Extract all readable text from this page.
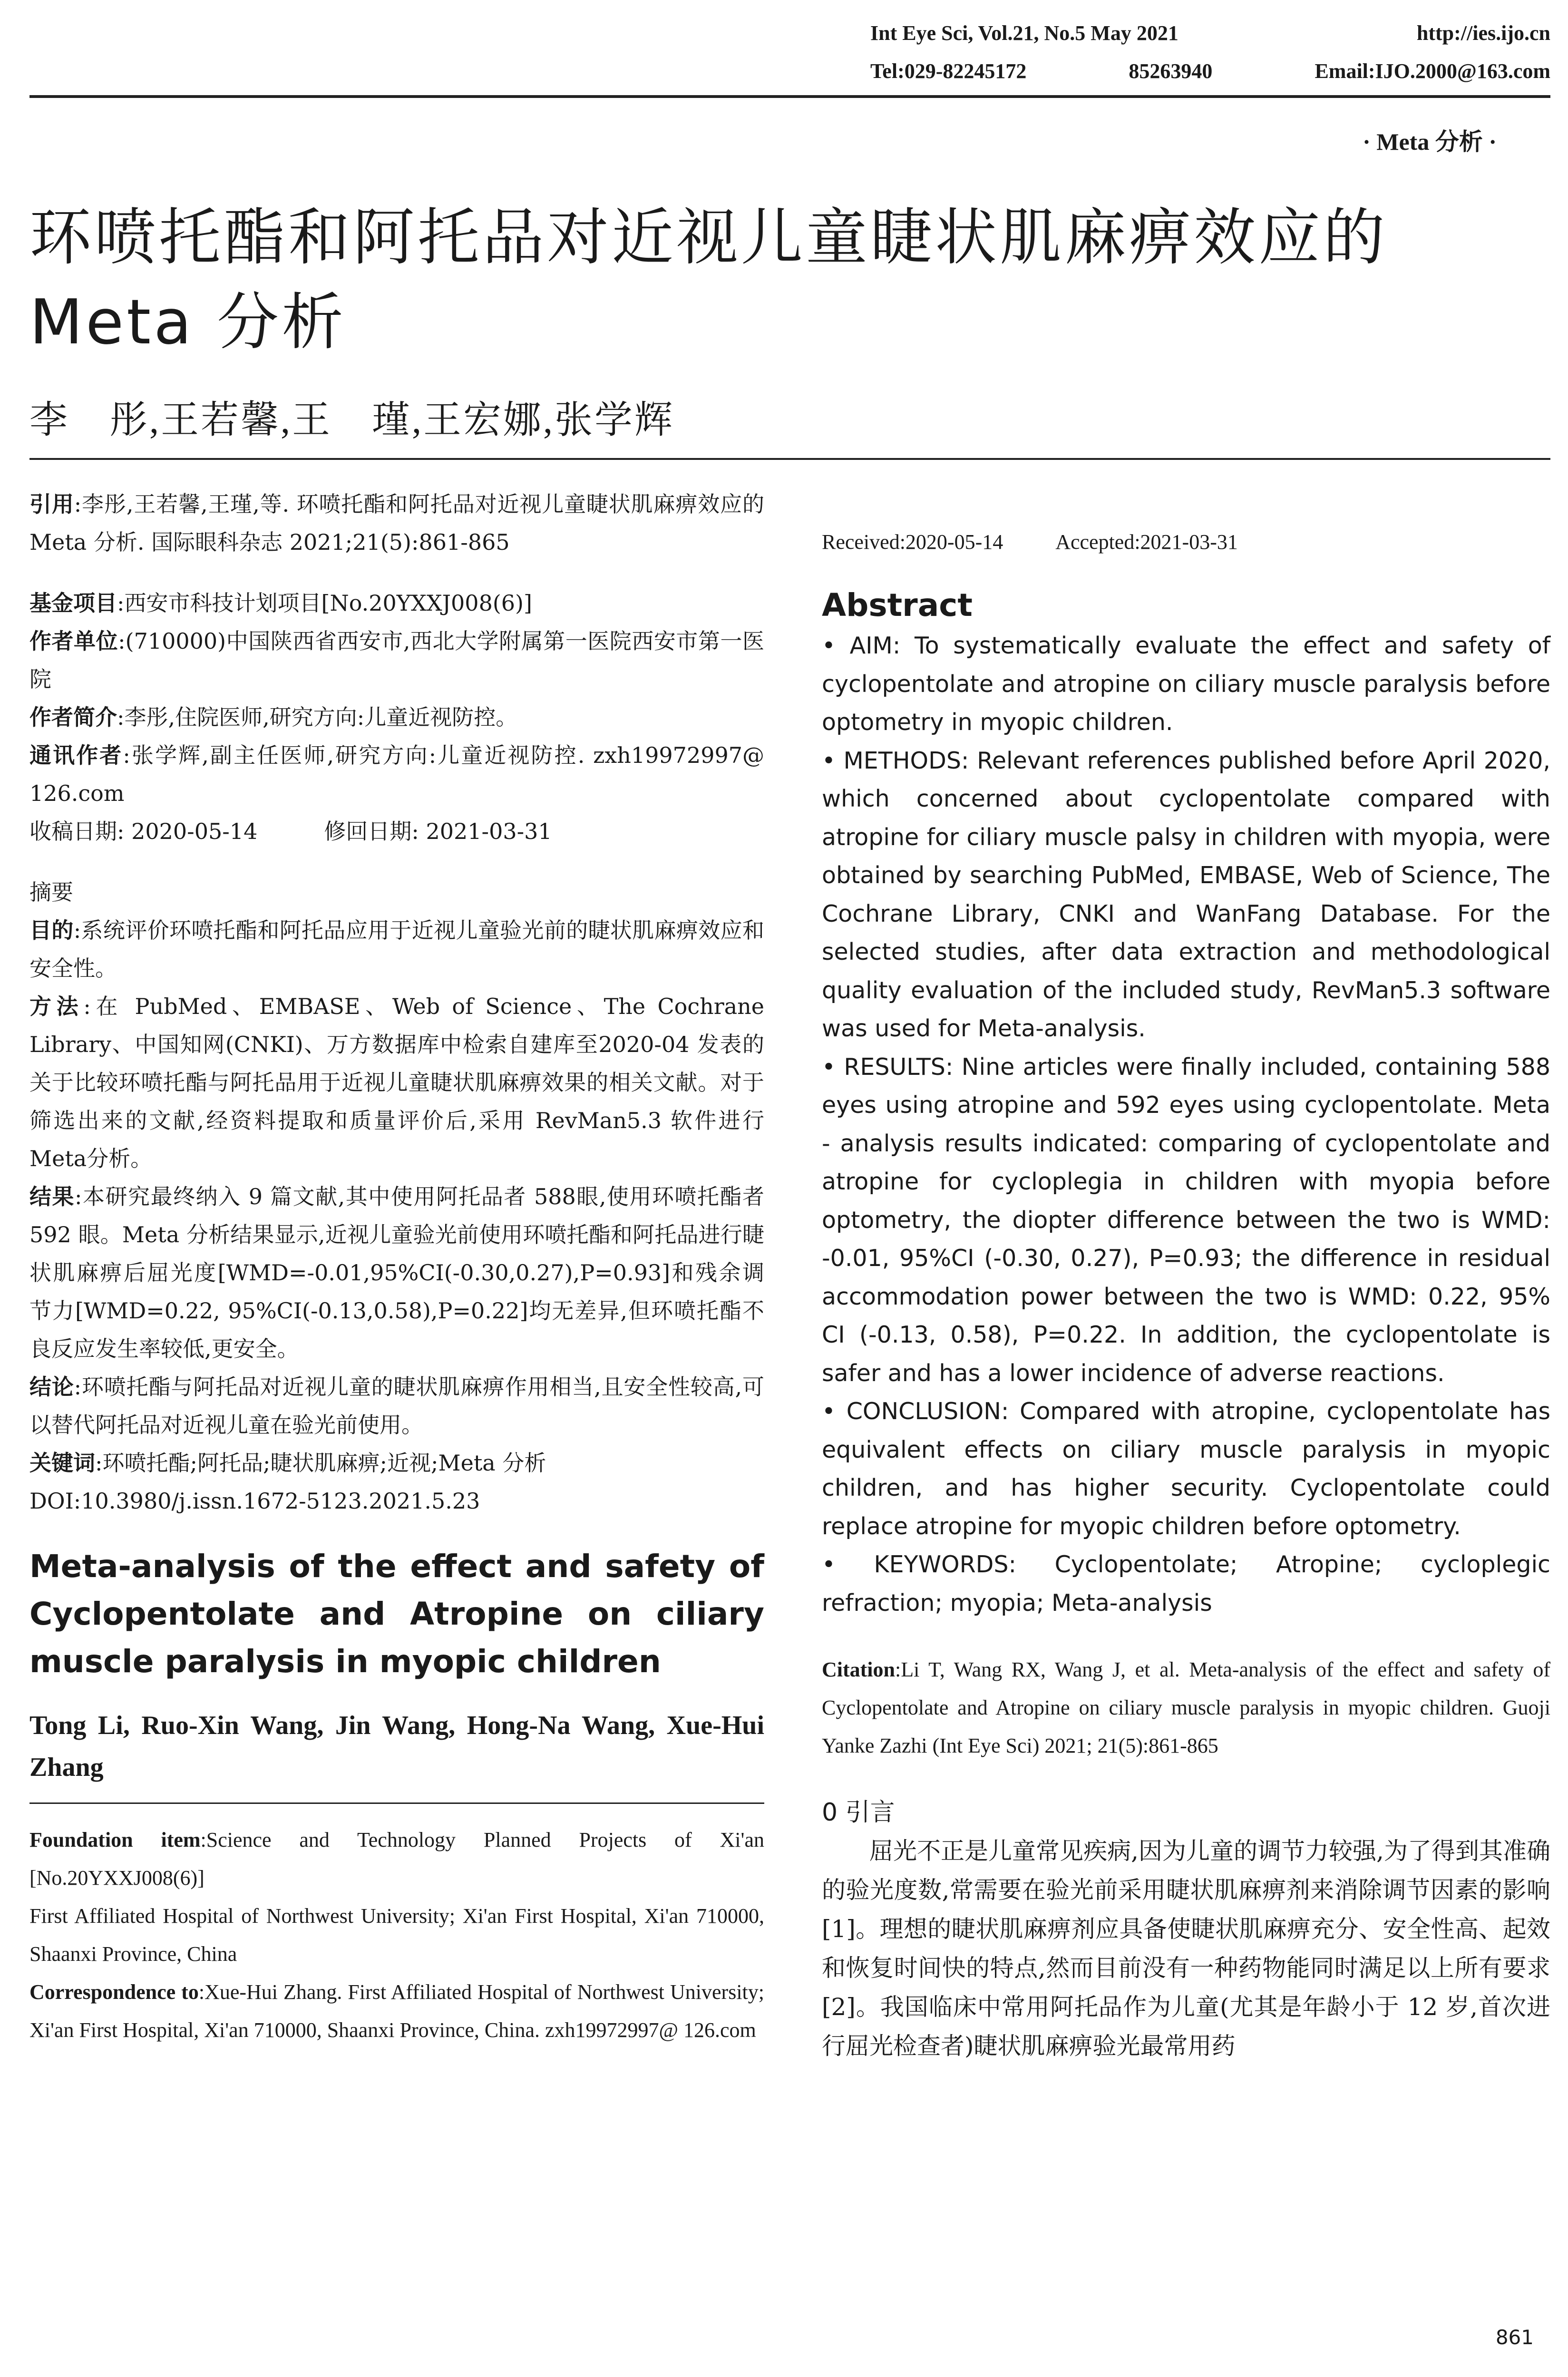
Int Eye Sci, Vol.21, No.5 May 2021	http://ies.ijo.cn
Tel:029-82245172	85263940	Email:IJO.2000@163.com
· Meta 分析 ·
环喷托酯和阿托品对近视儿童睫状肌麻痹效应的 Meta 分析
李　彤,王若馨,王　瑾,王宏娜,张学辉

引用:李彤,王若馨,王瑾,等. 环喷托酯和阿托品对近视儿童睫状肌麻痹效应的 Meta 分析. 国际眼科杂志 2021;21(5):861-865

基金项目:西安市科技计划项目[No.20YXXJ008(6)]

作者单位:(710000)中国陕西省西安市,西北大学附属第一医院西安市第一医院

作者简介:李彤,住院医师,研究方向:儿童近视防控。

通讯作者:张学辉,副主任医师,研究方向:儿童近视防控. zxh19972997@ 126.com

收稿日期: 2020-05-14	修回日期: 2021-03-31

摘要

目的:系统评价环喷托酯和阿托品应用于近视儿童验光前的睫状肌麻痹效应和安全性。

方法:在 PubMed、EMBASE、Web of Science、The Cochrane Library、中国知网(CNKI)、万方数据库中检索自建库至2020-04 发表的关于比较环喷托酯与阿托品用于近视儿童睫状肌麻痹效果的相关文献。对于筛选出来的文献,经资料提取和质量评价后,采用 RevMan5.3 软件进行 Meta分析。

结果:本研究最终纳入 9 篇文献,其中使用阿托品者 588眼,使用环喷托酯者 592 眼。Meta 分析结果显示,近视儿童验光前使用环喷托酯和阿托品进行睫状肌麻痹后屈光度[WMD=-0.01,95%CI(-0.30,0.27),P=0.93]和残余调节力[WMD=0.22, 95%CI(-0.13,0.58),P=0.22]均无差异,但环喷托酯不良反应发生率较低,更安全。

结论:环喷托酯与阿托品对近视儿童的睫状肌麻痹作用相当,且安全性较高,可以替代阿托品对近视儿童在验光前使用。

关键词:环喷托酯;阿托品;睫状肌麻痹;近视;Meta 分析

DOI:10.3980/j.issn.1672-5123.2021.5.23

Meta-analysis of the effect and safety of Cyclopentolate and Atropine on ciliary muscle paralysis in myopic children

Tong Li, Ruo-Xin Wang, Jin Wang, Hong-Na Wang, Xue-Hui Zhang

Foundation item:Science and Technology Planned Projects of Xi'an [No.20YXXJ008(6)]

First Affiliated Hospital of Northwest University; Xi'an First Hospital, Xi'an 710000, Shaanxi Province, China

Correspondence to:Xue-Hui Zhang. First Affiliated Hospital of Northwest University; Xi'an First Hospital, Xi'an 710000, Shaanxi Province, China. zxh19972997@ 126.com

Received:2020-05-14	Accepted:2021-03-31

Abstract

• AIM: To systematically evaluate the effect and safety of cyclopentolate and atropine on ciliary muscle paralysis before optometry in myopic children.

• METHODS: Relevant references published before April 2020, which concerned about cyclopentolate compared with atropine for ciliary muscle palsy in children with myopia, were obtained by searching PubMed, EMBASE, Web of Science, The Cochrane Library, CNKI and WanFang Database. For the selected studies, after data extraction and methodological quality evaluation of the included study, RevMan5.3 software was used for Meta-analysis.

• RESULTS: Nine articles were finally included, containing 588 eyes using atropine and 592 eyes using cyclopentolate. Meta - analysis results indicated: comparing of cyclopentolate and atropine for cycloplegia in children with myopia before optometry, the diopter difference between the two is WMD: -0.01, 95%CI (-0.30, 0.27), P=0.93; the difference in residual accommodation power between the two is WMD: 0.22, 95% CI (-0.13, 0.58), P=0.22. In addition, the cyclopentolate is safer and has a lower incidence of adverse reactions.

• CONCLUSION: Compared with atropine, cyclopentolate has equivalent effects on ciliary muscle paralysis in myopic children, and has higher security. Cyclopentolate could replace atropine for myopic children before optometry.

• KEYWORDS: Cyclopentolate; Atropine; cycloplegic refraction; myopia; Meta-analysis

Citation:Li T, Wang RX, Wang J, et al. Meta-analysis of the effect and safety of Cyclopentolate and Atropine on ciliary muscle paralysis in myopic children. Guoji Yanke Zazhi (Int Eye Sci) 2021; 21(5):861-865

0 引言

屈光不正是儿童常见疾病,因为儿童的调节力较强,为了得到其准确的验光度数,常需要在验光前采用睫状肌麻痹剂来消除调节因素的影响[1]。理想的睫状肌麻痹剂应具备使睫状肌麻痹充分、安全性高、起效和恢复时间快的特点,然而目前没有一种药物能同时满足以上所有要求[2]。我国临床中常用阿托品作为儿童(尤其是年龄小于 12 岁,首次进行屈光检查者)睫状肌麻痹验光最常用药

861
